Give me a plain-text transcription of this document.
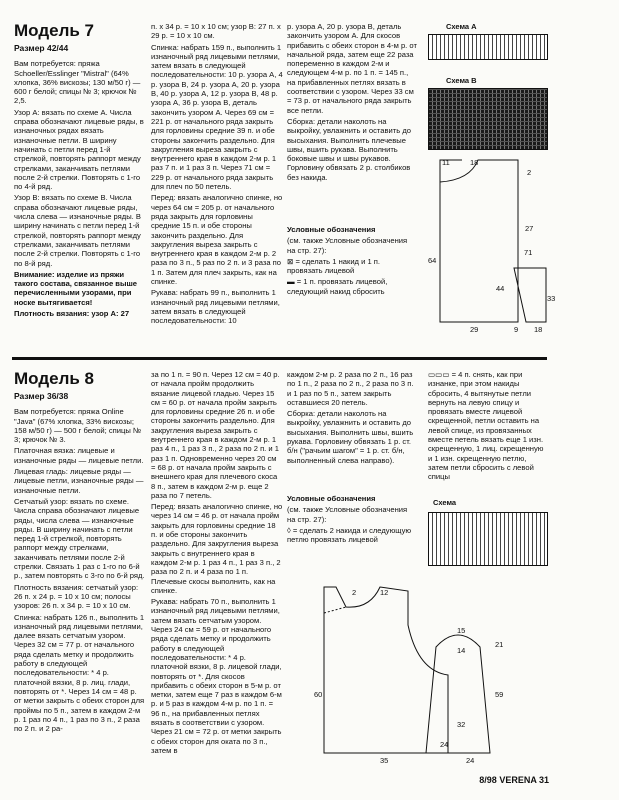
Модель 7

Размер 42/44

Вам потребуется: пряжа Schoeller/Esslinger "Mistral" (64% хлопка, 36% вискозы; 130 м/50 г) — 600 г белой; спицы № 3; крючок № 2,5.

Узор А: вязать по схеме А. Числа справа обозначают лицевые ряды, в изнаночных рядах вязать изнаночные петли. В ширину начинать с петли перед 1-й стрелкой, повторять раппорт между стрелками, заканчивать петлями после 2-й стрелки. Повторять с 1-го по 4-й ряд.

Узор В: вязать по схеме В. Числа справа обозначают лицевые ряды, числа слева — изнаночные ряды. В ширину начинать с петли перед 1-й стрелкой, повторять раппорт между стрелками, заканчивать петлями после 2-й стрелки. Повторять с 1-го по 8-й ряд.

Внимание: изделие из пряжи такого состава, связанное выше перечисленными узорами, при носке вытягивается!

Плотность вязания: узор А: 27

п. х 34 р. = 10 х 10 см; узор В: 27 п. х 29 р. = 10 х 10 см.

Спинка: набрать 159 п., выполнить 1 изнаночный ряд лицевыми петлями, затем вязать в следующей последовательности: 10 р. узора А, 4 р. узора В, 24 р. узора А, 20 р. узора В, 40 р. узора А, 12 р. узора В, 48 р. узора А, 36 р. узора В, деталь закончить узором А. Через 69 см = 221 р. от начального ряда закрыть для горловины средние 39 п. и обе стороны закончить раздельно. Для закругления выреза закрыть с внутреннего края в каждом 2-м р. 1 раз 7 п. и 1 раз 3 п. Через 71 см = 229 р. от начального ряда закрыть для плеч по 50 петель.

Перед: вязать аналогично спинке, но через 64 см = 205 р. от начального ряда закрыть для горловины средние 15 п. и обе стороны закончить раздельно. Для закругления выреза закрыть с внутреннего края в каждом 2-м р. 2 раза по 3 п., 5 раз по 2 п. и 3 раза по 1 п. Затем для плеч закрыть, как на спинке.

Рукава: набрать 99 п., выполнить 1 изнаночный ряд лицевыми петлями, затем вязать в следующей последовательности: 10

р. узора А, 20 р. узора В, деталь закончить узором А. Для скосов прибавить с обеих сторон в 4-м р. от начальной ряда, затем еще 22 раза попеременно в каждом 2-м и следующем 4-м р. по 1 п. = 145 п., на прибавленных петлях вязать в соответствии с узором. Через 33 см = 73 р. от начального ряда закрыть все петли.

Сборка: детали наколоть на выкройку, увлажнить и оставить до высыхания. Выполнить плечевые швы, вшить рукава. Выполнить боковые швы и швы рукавов. Горловину обвязать 2 р. столбиков без накида.

Условные обозначения

(см. также Условные обозначения на стр. 27):

⊠ = сделать 1 накид и 1 п. провязать лицевой

▬ = 1 п. провязать лицевой, следующий накид сбросить

Схема А
Схема В
11	18
2
27
64
71
44
29	9 18
33
Модель 8

Размер 36/38

Вам потребуется: пряжа Online "Java" (67% хлопка, 33% вискозы; 158 м/50 г) — 500 г белой; спицы № 3; крючок № 3.

Платочная вязка: лицевые и изнаночные ряды — лицевые петли.

Лицевая гладь: лицевые ряды — лицевые петли, изнаночные ряды — изнаночные петли.

Сетчатый узор: вязать по схеме. Числа справа обозначают лицевые ряды, числа слева — изнаночные ряды. В ширину начинать с петли перед 1-й стрелкой, повторять раппорт между стрелками, заканчивать петлями после 2-й стрелки. Связать 1 раз с 1-го по 6-й р., затем повторять с 3-го по 6-й ряд.

Плотность вязания: сетчатый узор: 26 п. х 24 р. = 10 х 10 см; полосы узоров: 26 п. х 34 р. = 10 х 10 см.

Спинка: набрать 126 п., выполнить 1 изнаночный ряд лицевыми петлями, далее вязать сетчатым узором. Через 32 см = 77 р. от начального ряда сделать метку и продолжить работу в следующей последовательности: * 4 р. платочной вязки, 8 р. лиц. глади, повторять от *. Через 14 см = 48 р. от метки закрыть с обеих сторон для проймы по 5 п., затем в каждом 2-м р. 1 раз по 4 п., 1 раз по 3 п., 2 раза по 2 п. и 2 ра-

за по 1 п. = 90 п. Через 12 см = 40 р. от начала пройм продолжить вязание лицевой гладью. Через 15 см = 60 р. от начала пройм закрыть для горловины средние 26 п. и обе стороны закончить раздельно. Для закругления выреза закрыть с внутреннего края в каждом 2-м р. 1 раз 4 п., 1 раз 3 п., 2 раза по 2 п. и 1 раз 1 п. Одновременно через 20 см = 68 р. от начала пройм закрыть с внешнего края для плечевого скоса 8 п., затем в каждом 2-м р. еще 2 раза по 7 петель.

Перед: вязать аналогично спинке, но через 14 см = 46 р. от начала пройм закрыть для горловины средние 18 п. и обе стороны закончить раздельно. Для закругления выреза закрыть с внутреннего края в каждом 2-м р. 1 раз 4 п., 1 раз 3 п., 2 раза по 2 п. и 4 раза по 1 п. Плечевые скосы выполнить, как на спинке.

Рукава: набрать 70 п., выполнить 1 изнаночный ряд лицевыми петлями, затем вязать сетчатым узором. Через 24 см = 59 р. от начального ряда сделать метку и продолжить работу в следующей последовательности: * 4 р. платочной вязки, 8 р. лицевой глади, повторять от *. Для скосов прибавить с обеих сторон в 5-м р. от метки, затем еще 7 раз в каждом 6-м р. и 5 раз в каждом 4-м р. по 1 п. = 96 п., на прибавленных петлях вязать в соответствии с узором. Через 21 см = 72 р. от метки закрыть с обеих сторон для оката по 3 п., затем в

каждом 2-м р. 2 раза по 2 п., 16 раз по 1 п., 2 раза по 2 п., 2 раза по 3 п. и 1 раз по 5 п., затем закрыть оставшиеся 20 петель.

Сборка: детали наколоть на выкройку, увлажнить и оставить до высыхания. Выполнить швы, вшить рукава. Горловину обвязать 1 р. ст. б/н ("рачьим шагом" = 1 р. ст. б/н, выполненный слева направо).

Условные обозначения

(см. также Условные обозначения на стр. 27):

◊ = сделать 2 накида и следующую петлю провязать лицевой

▭▭▭ = 4 п. снять, как при изнанке, при этом накиды сбросить, 4 вытянутые петли вернуть на левую спицу и провязать вместе лицевой скрещенной, петли оставить на левой спице, из провязанных вместе петель вязать еще 1 изн. скрещенную, 1 лиц. скрещенную и 1 изн. скрещенную петлю, затем петли сбросить с левой спицы

Схема
2	12
60
15
14
32
35	24
59
21
24
8/98 VERENA 31
